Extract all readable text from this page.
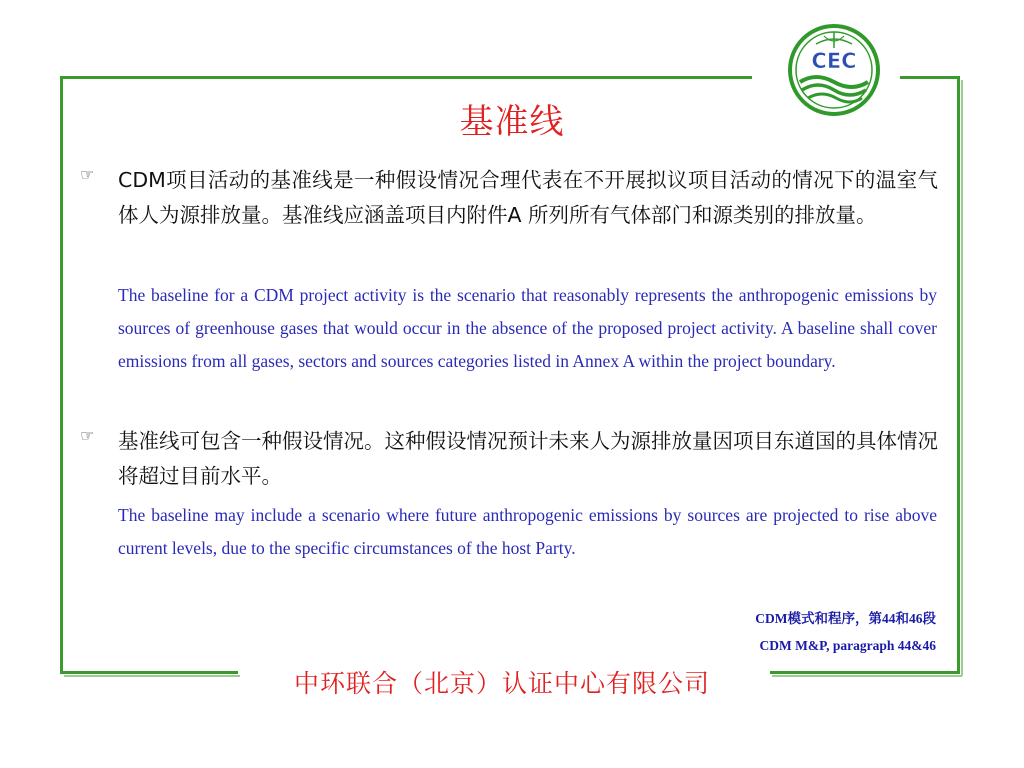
CEC
基准线
☞ CDM项目活动的基准线是一种假设情况合理代表在不开展拟议项目活动的情况下的温室气体人为源排放量。基准线应涵盖项目内附件A 所列所有气体部门和源类别的排放量。
The baseline for a CDM project activity is the scenario that reasonably represents the anthropogenic emissions by sources of greenhouse gases that would occur in the absence of the proposed project activity. A baseline shall cover emissions from all gases, sectors and sources categories listed in Annex A within the project boundary.
☞ 基准线可包含一种假设情况。这种假设情况预计未来人为源排放量因项目东道国的具体情况将超过目前水平。
The baseline may include a scenario where future anthropogenic emissions by sources are projected to rise above current levels, due to the specific circumstances of the host Party.
CDM模式和程序，第44和46段
CDM M&P, paragraph 44&46
中环联合（北京）认证中心有限公司
